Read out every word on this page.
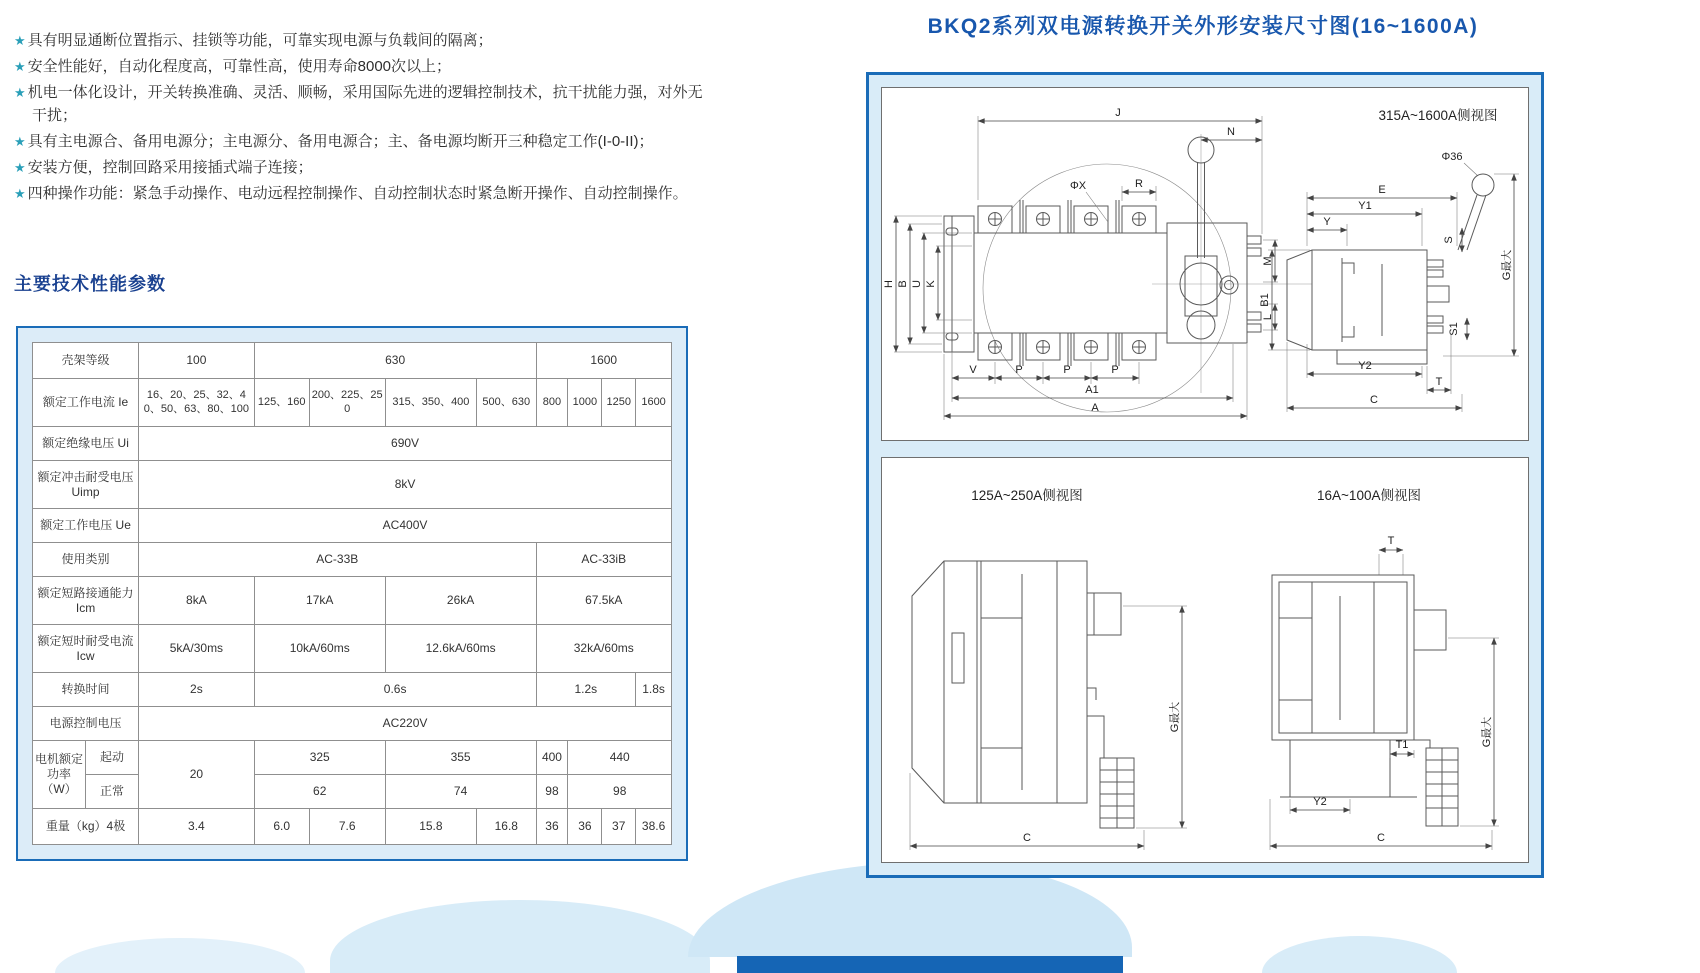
★ 具有明显通断位置指示、挂锁等功能，可靠实现电源与负载间的隔离；
★ 安全性能好，自动化程度高，可靠性高，使用寿命8000次以上；
★ 机电一体化设计，开关转换准确、灵活、顺畅，采用国际先进的逻辑控制技术，抗干扰能力强，对外无干扰；
★ 具有主电源合、备用电源分；主电源分、备用电源合；主、备电源均断开三种稳定工作(I-0-II)；
★ 安装方便，控制回路采用接插式端子连接；
★ 四种操作功能：紧急手动操作、电动远程控制操作、自动控制状态时紧急断开操作、自动控制操作。
主要技术性能参数
壳架等级		100	630				1600			
额定工作电流 Ie		16、20、25、32、40、50、63、80、100	125、160	200、225、250	315、350、400	500、630	800	1000	1250	1600
额定绝缘电压 Ui		690V								
额定冲击耐受电压 Uimp		8kV								
额定工作电压 Ue		AC400V								
使用类别		AC-33B					AC-33iB			
额定短路接通能力 Icm		8kA	17kA		26kA		67.5kA			
额定短时耐受电流 Icw		5kA/30ms	10kA/60ms		12.6kA/60ms		32kA/60ms			
转换时间		2s	0.6s				1.2s			1.8s
电源控制电压		AC220V								
电机额定功率（W）	起动	20	325		355		400	440		
	正常		62		74		98	98		
重量（kg）4极		3.4	6.0	7.6	15.8	16.8	36	36	37	38.6
BKQ2系列双电源转换开关外形安装尺寸图(16~1600A)
J
N
ΦX	R
H B U K
M
L
V	P	P	P
A1
A
315A~1600A侧视图
Φ36
E
Y1
Y
B1
S
S1
Y2
T
C
G最大
125A~250A侧视图
G最大
C
16A~100A侧视图
T
T1
Y2
G最大
C
